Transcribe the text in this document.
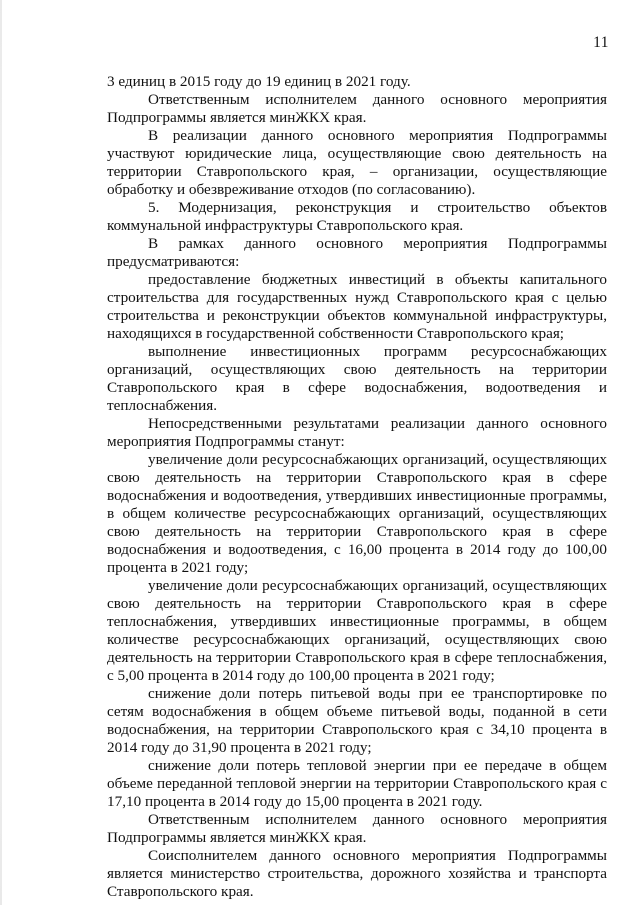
11

3 единиц в 2015 году до 19 единиц в 2021 году.

Ответственным исполнителем данного основного мероприятия Подпрограммы является минЖКХ края.

В реализации данного основного мероприятия Подпрограммы участвуют юридические лица, осуществляющие свою деятельность на территории Ставропольского края, – организации, осуществляющие обработку и обезвреживание отходов (по согласованию).

5. Модернизация, реконструкция и строительство объектов коммунальной инфраструктуры Ставропольского края.

В рамках данного основного мероприятия Подпрограммы предусматриваются:

предоставление бюджетных инвестиций в объекты капитального строительства для государственных нужд Ставропольского края с целью строительства и реконструкции объектов коммунальной инфраструктуры, находящихся в государственной собственности Ставропольского края;

выполнение инвестиционных программ ресурсоснабжающих организаций, осуществляющих свою деятельность на территории Ставропольского края в сфере водоснабжения, водоотведения и теплоснабжения.

Непосредственными результатами реализации данного основного мероприятия Подпрограммы станут:

увеличение доли ресурсоснабжающих организаций, осуществляющих свою деятельность на территории Ставропольского края в сфере водоснабжения и водоотведения, утвердивших инвестиционные программы, в общем количестве ресурсоснабжающих организаций, осуществляющих свою деятельность на территории Ставропольского края в сфере водоснабжения и водоотведения, с 16,00 процента в 2014 году до 100,00 процента в 2021 году;

увеличение доли ресурсоснабжающих организаций, осуществляющих свою деятельность на территории Ставропольского края в сфере теплоснабжения, утвердивших инвестиционные программы, в общем количестве ресурсоснабжающих организаций, осуществляющих свою деятельность на территории Ставропольского края в сфере теплоснабжения, с 5,00 процента в 2014 году до 100,00 процента в 2021 году;

снижение доли потерь питьевой воды при ее транспортировке по сетям водоснабжения в общем объеме питьевой воды, поданной в сети водоснабжения, на территории Ставропольского края с 34,10 процента в 2014 году до 31,90 процента в 2021 году;

снижение доли потерь тепловой энергии при ее передаче в общем объеме переданной тепловой энергии на территории Ставропольского края с 17,10 процента в 2014 году до 15,00 процента в 2021 году.

Ответственным исполнителем данного основного мероприятия Подпрограммы является минЖКХ края.

Соисполнителем данного основного мероприятия Подпрограммы является министерство строительства, дорожного хозяйства и транспорта Ставропольского края.
